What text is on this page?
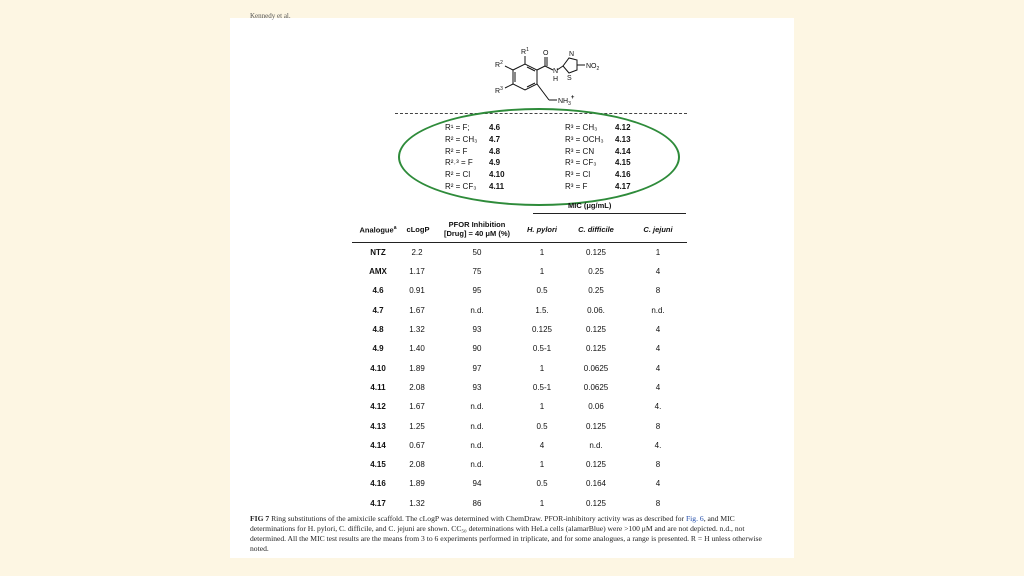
Kennedy et al.
$R^2$
$R^3$
$R^1$ O
N
H
N
S
$NO_2$
$NH_3+$
R¹ = F;	4.6
R² = CH₃	4.7
R² = F	4.8
R²˒³ = F	4.9
R² = Cl	4.10
R² = CF₃	4.11
R³ = CH₃	4.12
R³ = OCH₃	4.13
R³ = CN	4.14
R³ = CF₃	4.15
R³ = Cl	4.16
R³ = F	4.17
MIC (μg/mL)
Analogue$^a$	cLogP
PFOR Inhibition
[Drug] = 40 μM (%)	H. pylori	C. difficile	C. jejuni
NTZ	2.2	50	1	0.125	1
AMX	1.17	75	1	0.25	4
4.6	0.91	95	0.5	0.25	8
4.7	1.67	n.d.	1.5.	0.06.	n.d.
4.8	1.32	93	0.125	0.125	4
4.9	1.40	90	0.5-1	0.125	4
4.10	1.89	97	1	0.0625	4
4.11	2.08	93	0.5-1	0.0625	4
4.12	1.67	n.d.	1	0.06	4.
4.13	1.25	n.d.	0.5	0.125	8
4.14	0.67	n.d.	4	n.d.	4.
4.15	2.08	n.d.	1	0.125	8
4.16	1.89	94	0.5	0.164	4
4.17	1.32	86	1	0.125	8
FIG 7 Ring substitutions of the amixicile scaffold. The cLogP was determined with ChemDraw. PFOR-inhibitory activity was as described for Fig. 6, and MIC determinations for H. pylori, C. difficile, and C. jejuni are shown. CC₅₀ determinations with HeLa cells (alamarBlue) were >100 μM and are not depicted. n.d., not determined. All the MIC test results are the means from 3 to 6 experiments performed in triplicate, and for some analogues, a range is presented. R = H unless otherwise noted.
